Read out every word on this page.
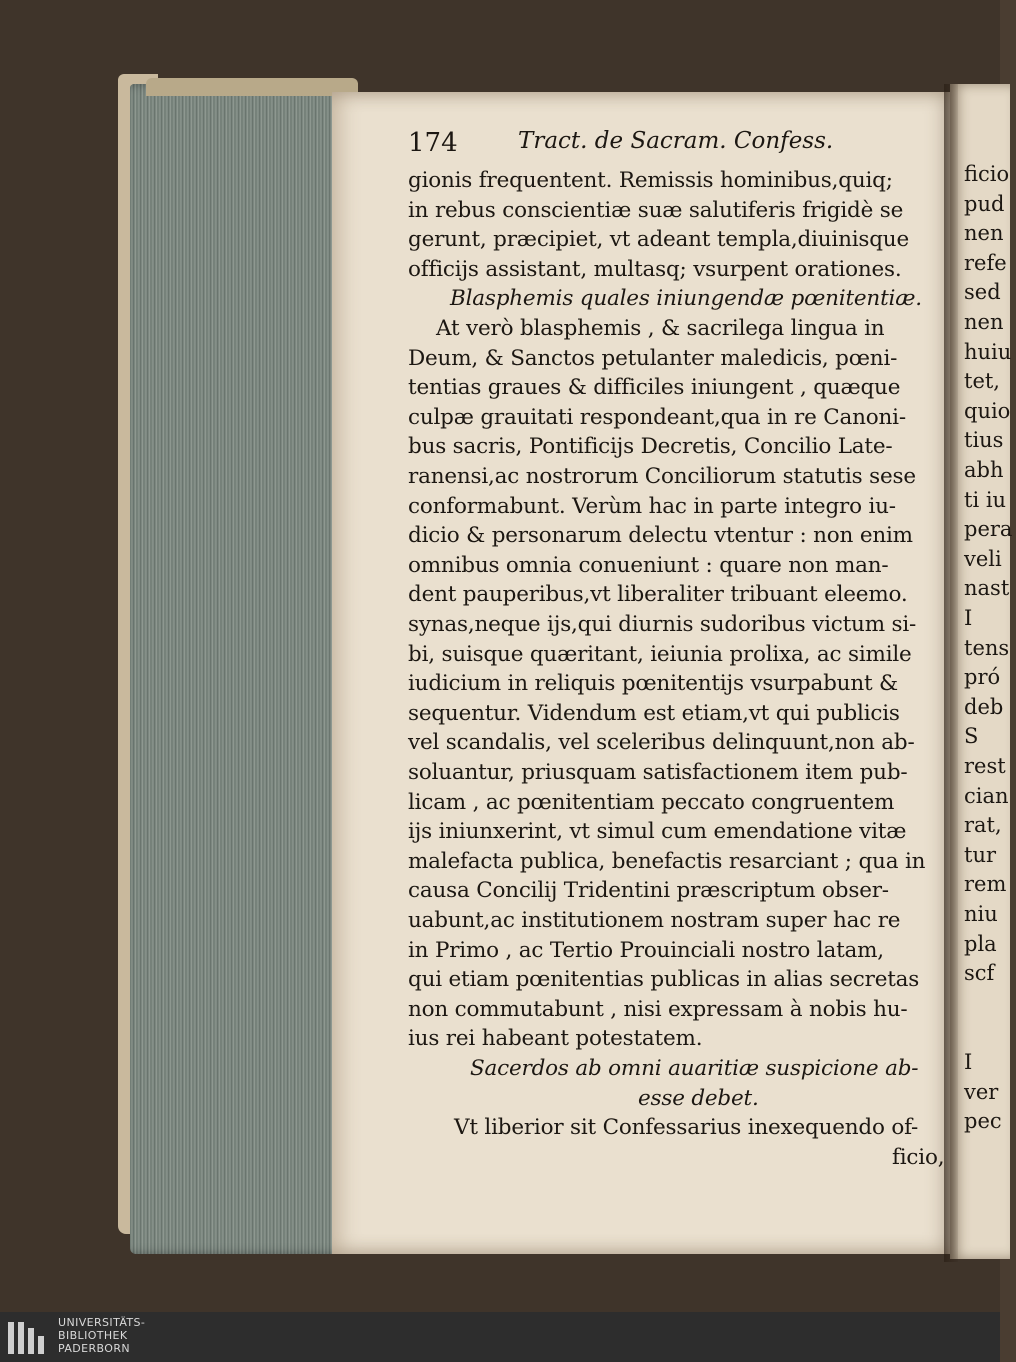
ficio
pud
nen
refe
sed
nen
huiu
tet,
quio
tius
abh
ti iu
pera
veli
nast
I
tens
pró
deb
S
rest
cian
rat,
tur
rem
niu
pla
scf
I
ver
pec
174	Tract. de Sacram. Confess.
gionis frequentent. Remissis hominibus,quiq;
in rebus conscientiæ suæ salutiferis frigidè se
gerunt, præcipiet, vt adeant templa,diuinisque
officijs assistant, multasq; vsurpent orationes.
Blasphemis quales iniungendæ pœnitentiæ.
At verò blasphemis , & sacrilega lingua in
Deum, & Sanctos petulanter maledicis, pœni-
tentias graues & difficiles iniungent , quæque
culpæ grauitati respondeant,qua in re Canoni-
bus sacris, Pontificijs Decretis, Concilio Late-
ranensi,ac nostrorum Conciliorum statutis sese
conformabunt. Verùm hac in parte integro iu-
dicio & personarum delectu vtentur : non enim
omnibus omnia conueniunt : quare non man-
dent pauperibus,vt liberaliter tribuant eleemo.
synas,neque ijs,qui diurnis sudoribus victum si-
bi, suisque quæritant, ieiunia prolixa, ac simile
iudicium in reliquis pœnitentijs vsurpabunt &
sequentur. Videndum est etiam,vt qui publicis
vel scandalis, vel sceleribus delinquunt,non ab-
soluantur, priusquam satisfactionem item pub-
licam , ac pœnitentiam peccato congruentem
ijs iniunxerint, vt simul cum emendatione vitæ
malefacta publica, benefactis resarciant ; qua in
causa Concilij Tridentini præscriptum obser-
uabunt,ac institutionem nostram super hac re
in Primo , ac Tertio Prouinciali nostro latam,
qui etiam pœnitentias publicas in alias secretas
non commutabunt , nisi expressam à nobis hu-
ius rei habeant potestatem.
Sacerdos ab omni auaritiæ suspicione ab-
esse debet.
Vt liberior sit Confessarius inexequendo of-
ficio,
UNIVERSITÄTS-
BIBLIOTHEK
PADERBORN
